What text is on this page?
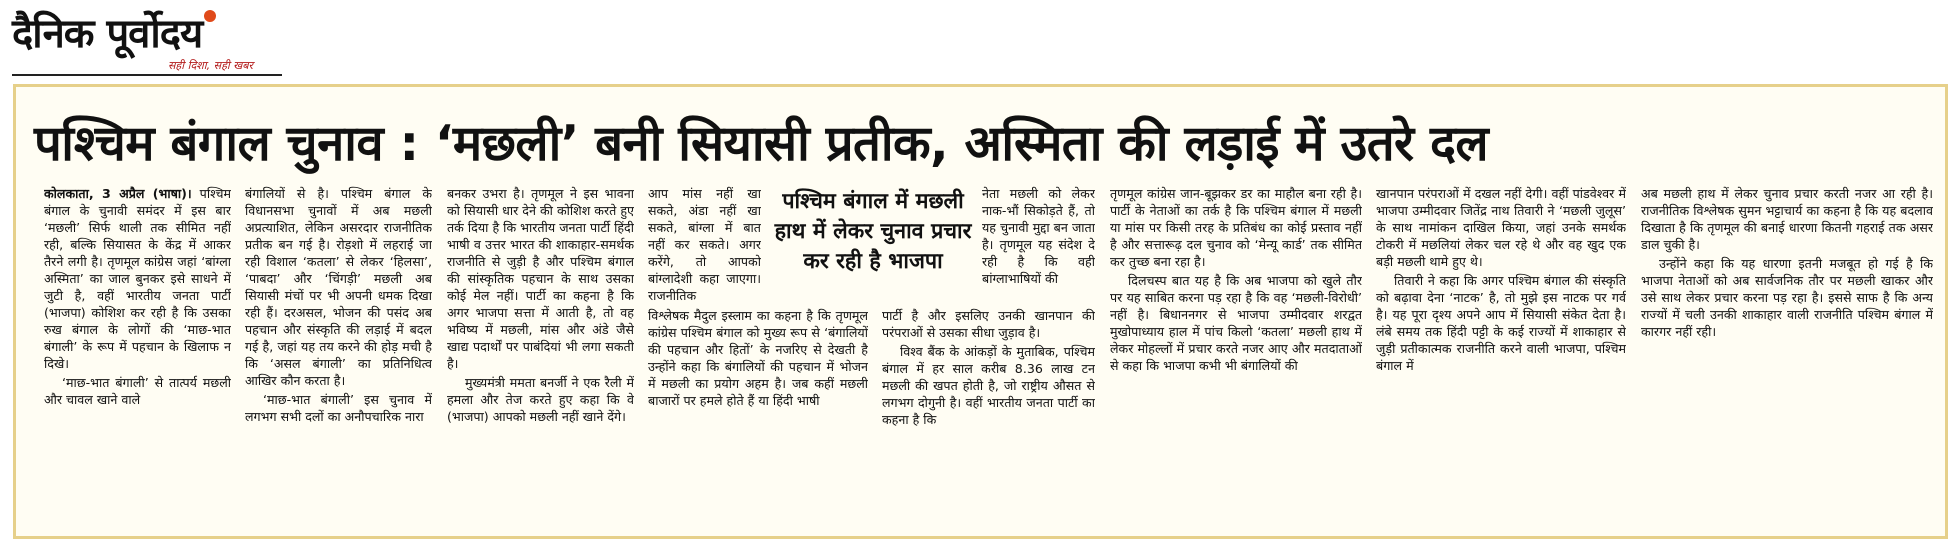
दैनिक पूर्वोदय
सही दिशा, सही खबर
पश्चिम बंगाल चुनाव : ‘मछली’ बनी सियासी प्रतीक, अस्मिता की लड़ाई में उतरे दल

कोलकाता, 3 अप्रैल (भाषा)। पश्चिम बंगाल के चुनावी समंदर में इस बार ‘मछली’ सिर्फ थाली तक सीमित नहीं रही, बल्कि सियासत के केंद्र में आकर तैरने लगी है। तृणमूल कांग्रेस जहां ‘बांग्ला अस्मिता’ का जाल बुनकर इसे साधने में जुटी है, वहीं भारतीय जनता पार्टी (भाजपा) कोशिश कर रही है कि उसका रुख बंगाल के लोगों की ‘माछ-भात बंगाली’ के रूप में पहचान के खिलाफ न दिखे।

‘माछ-भात बंगाली’ से तात्पर्य मछली और चावल खाने वाले

बंगालियों से है। पश्चिम बंगाल के विधानसभा चुनावों में अब मछली अप्रत्याशित, लेकिन असरदार राजनीतिक प्रतीक बन गई है। रोड़शो में लहराई जा रही विशाल ‘कतला’ से लेकर ‘हिलसा’, ‘पाबदा’ और ‘चिंगड़ी’ मछली अब सियासी मंचों पर भी अपनी धमक दिखा रही हैं। दरअसल, भोजन की पसंद अब पहचान और संस्कृति की लड़ाई में बदल गई है, जहां यह तय करने की होड़ मची है कि ‘असल बंगाली’ का प्रतिनिधित्व आखिर कौन करता है।

‘माछ-भात बंगाली’ इस चुनाव में लगभग सभी दलों का अनौपचारिक नारा

बनकर उभरा है। तृणमूल ने इस भावना को सियासी धार देने की कोशिश करते हुए तर्क दिया है कि भारतीय जनता पार्टी हिंदी भाषी व उत्तर भारत की शाकाहार-समर्थक राजनीति से जुड़ी है और पश्चिम बंगाल की सांस्कृतिक पहचान के साथ उसका कोई मेल नहीं। पार्टी का कहना है कि अगर भाजपा सत्ता में आती है, तो वह भविष्य में मछली, मांस और अंडे जैसे खाद्य पदार्थों पर पाबंदियां भी लगा सकती है।

मुख्यमंत्री ममता बनर्जी ने एक रैली में हमला और तेज करते हुए कहा कि वे (भाजपा) आपको मछली नहीं खाने देंगे।

आप मांस नहीं खा सकते, अंडा नहीं खा सकते, बांग्ला में बात नहीं कर सकते। अगर करेंगे, तो आपको बांग्लादेशी कहा जाएगा। राजनीतिक

पश्चिम बंगाल में मछली हाथ में लेकर चुनाव प्रचार कर रही है भाजपा

नेता मछली को लेकर नाक-भौं सिकोड़ते हैं, तो यह चुनावी मुद्दा बन जाता है। तृणमूल यह संदेश दे रही है कि वही बांग्लाभाषियों की

विश्लेषक मैदुल इस्लाम का कहना है कि तृणमूल कांग्रेस पश्चिम बंगाल को मुख्य रूप से ‘बंगालियों की पहचान और हितों’ के नजरिए से देखती है उन्होंने कहा कि बंगालियों की पहचान में भोजन में मछली का प्रयोग अहम है। जब कहीं मछली बाजारों पर हमले होते हैं या हिंदी भाषी

पार्टी है और इसलिए उनकी खानपान की परंपराओं से उसका सीधा जुड़ाव है।

विश्व बैंक के आंकड़ों के मुताबिक, पश्चिम बंगाल में हर साल करीब 8.36 लाख टन मछली की खपत होती है, जो राष्ट्रीय औसत से लगभग दोगुनी है। वहीं भारतीय जनता पार्टी का कहना है कि

तृणमूल कांग्रेस जान-बूझकर डर का माहौल बना रही है। पार्टी के नेताओं का तर्क है कि पश्चिम बंगाल में मछली या मांस पर किसी तरह के प्रतिबंध का कोई प्रस्ताव नहीं है और सत्तारूढ़ दल चुनाव को ‘मेन्यू कार्ड’ तक सीमित कर तुच्छ बना रहा है।

दिलचस्प बात यह है कि अब भाजपा को खुले तौर पर यह साबित करना पड़ रहा है कि वह ‘मछली-विरोधी’ नहीं है। बिधाननगर से भाजपा उम्मीदवार शरद्वत मुखोपाध्याय हाल में पांच किलो ‘कतला’ मछली हाथ में लेकर मोहल्लों में प्रचार करते नजर आए और मतदाताओं से कहा कि भाजपा कभी भी बंगालियों की

खानपान परंपराओं में दखल नहीं देगी। वहीं पांडवेश्वर में भाजपा उम्मीदवार जितेंद्र नाथ तिवारी ने ‘मछली जुलूस’ के साथ नामांकन दाखिल किया, जहां उनके समर्थक टोकरी में मछलियां लेकर चल रहे थे और वह खुद एक बड़ी मछली थामे हुए थे।

तिवारी ने कहा कि अगर पश्चिम बंगाल की संस्कृति को बढ़ावा देना ‘नाटक’ है, तो मुझे इस नाटक पर गर्व है। यह पूरा दृश्य अपने आप में सियासी संकेत देता है। लंबे समय तक हिंदी पट्टी के कई राज्यों में शाकाहार से जुड़ी प्रतीकात्मक राजनीति करने वाली भाजपा, पश्चिम बंगाल में

अब मछली हाथ में लेकर चुनाव प्रचार करती नजर आ रही है। राजनीतिक विश्लेषक सुमन भट्टाचार्य का कहना है कि यह बदलाव दिखाता है कि तृणमूल की बनाई धारणा कितनी गहराई तक असर डाल चुकी है।

उन्होंने कहा कि यह धारणा इतनी मजबूत हो गई है कि भाजपा नेताओं को अब सार्वजनिक तौर पर मछली खाकर और उसे साथ लेकर प्रचार करना पड़ रहा है। इससे साफ है कि अन्य राज्यों में चली उनकी शाकाहार वाली राजनीति पश्चिम बंगाल में कारगर नहीं रही।
